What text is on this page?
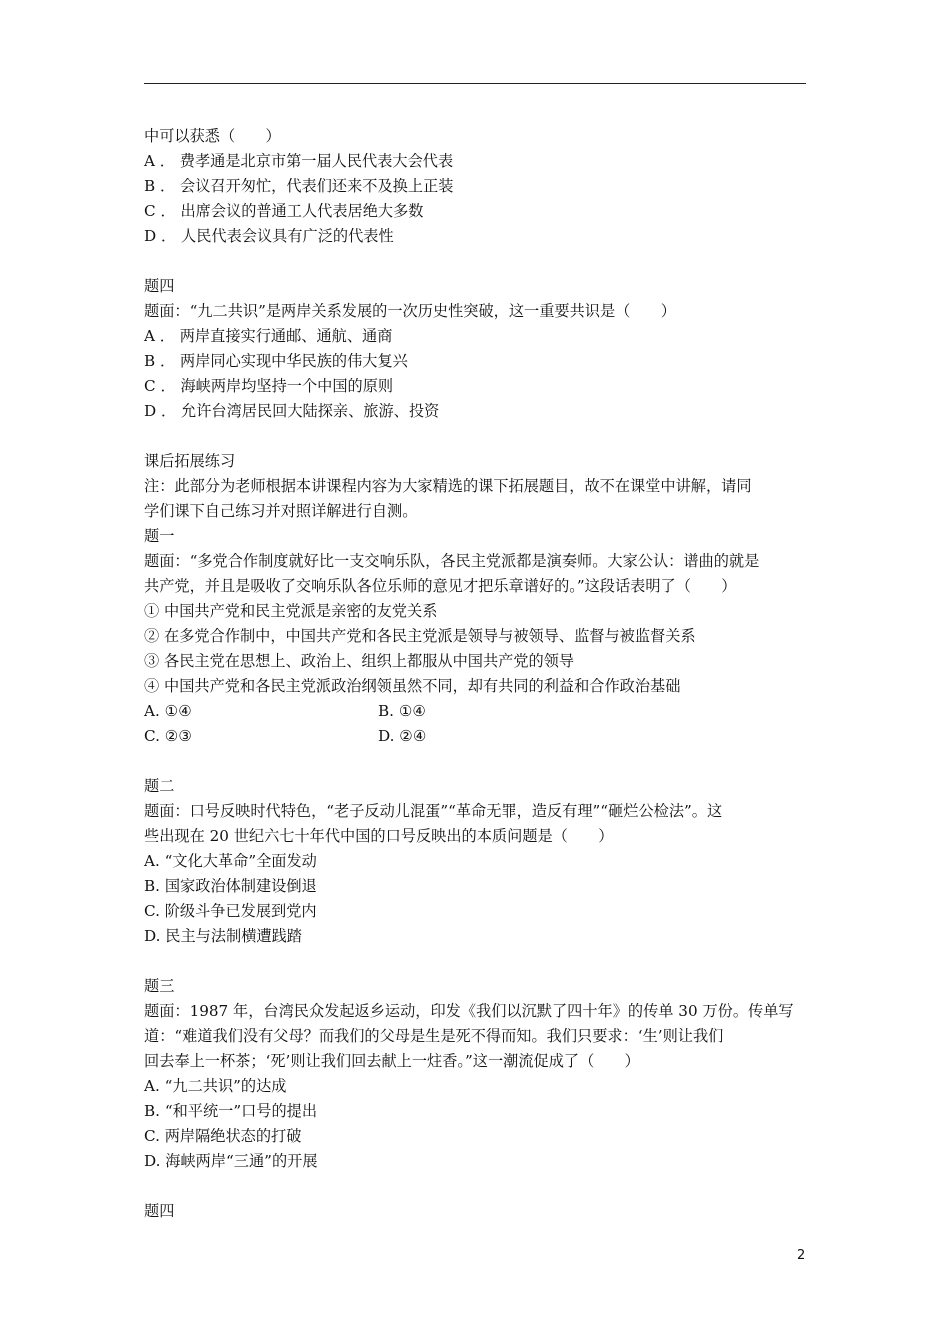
中可以获悉（　　）
A ． 费孝通是北京市第一届人民代表大会代表
B ． 会议召开匆忙，代表们还来不及换上正装
C ． 出席会议的普通工人代表居绝大多数
D ． 人民代表会议具有广泛的代表性
题四
题面：“九二共识”是两岸关系发展的一次历史性突破，这一重要共识是（　　）
A ． 两岸直接实行通邮、通航、通商
B ． 两岸同心实现中华民族的伟大复兴
C ． 海峡两岸均坚持一个中国的原则
D ． 允许台湾居民回大陆探亲、旅游、投资
课后拓展练习
注：此部分为老师根据本讲课程内容为大家精选的课下拓展题目，故不在课堂中讲解，请同
学们课下自己练习并对照详解进行自测。
题一
题面：“多党合作制度就好比一支交响乐队，各民主党派都是演奏师。大家公认：谱曲的就是
共产党，并且是吸收了交响乐队各位乐师的意见才把乐章谱好的。”这段话表明了（　　）
① 中国共产党和民主党派是亲密的友党关系
② 在多党合作制中，中国共产党和各民主党派是领导与被领导、监督与被监督关系
③ 各民主党在思想上、政治上、组织上都服从中国共产党的领导
④ 中国共产党和各民主党派政治纲领虽然不同，却有共同的利益和合作政治基础
A. ①④	B. ①④
C. ②③	D. ②④
题二
题面：口号反映时代特色，“老子反动儿混蛋”“革命无罪，造反有理”“砸烂公检法”。这
些出现在 20 世纪六七十年代中国的口号反映出的本质问题是（　　）
A. “文化大革命”全面发动
B. 国家政治体制建设倒退
C. 阶级斗争已发展到党内
D. 民主与法制横遭践踏
题三
题面：1987 年，台湾民众发起返乡运动，印发《我们以沉默了四十年》的传单 30 万份。传单写
道：“难道我们没有父母？而我们的父母是生是死不得而知。我们只要求：‘生’则让我们
回去奉上一杯茶；‘死’则让我们回去献上一炷香。”这一潮流促成了（　　）
A. “九二共识”的达成
B. “和平统一”口号的提出
C. 两岸隔绝状态的打破
D. 海峡两岸“三通”的开展
题四
2
